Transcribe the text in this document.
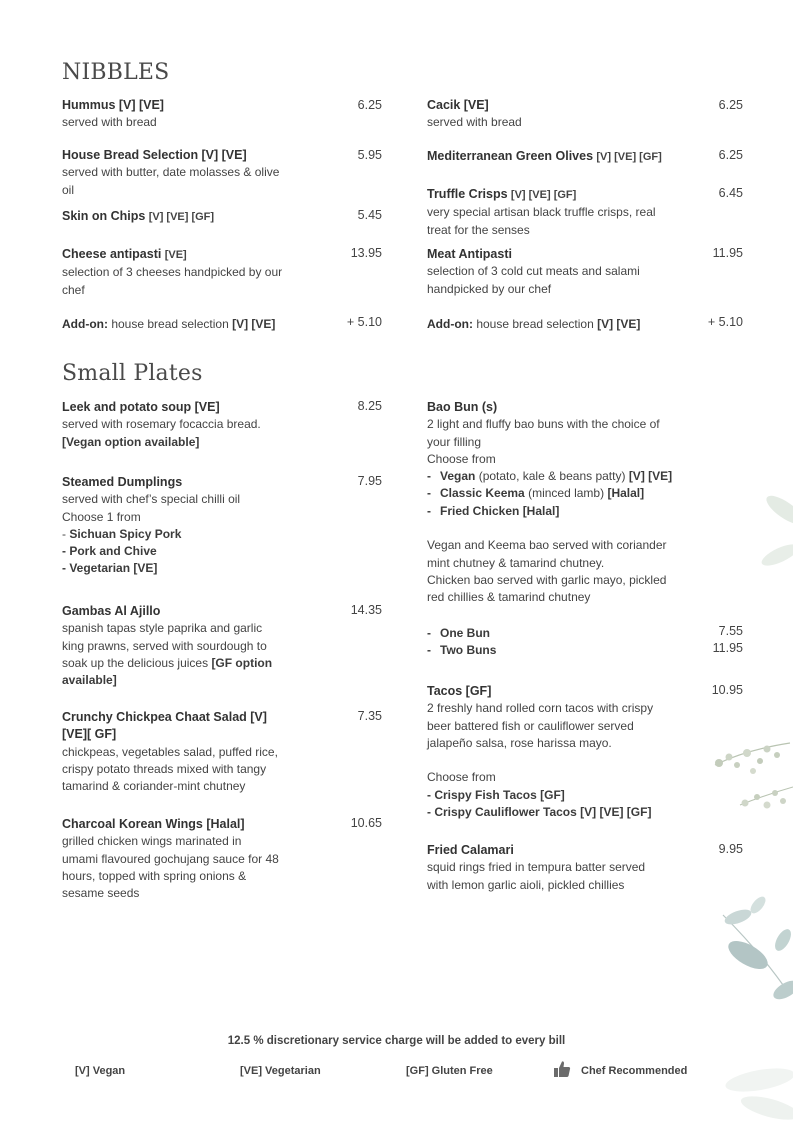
NIBBLES
Small Plates
Hummus [V] [VE]
served with bread
6.25
House Bread Selection [V] [VE]
served with butter, date molasses & olive
oil
5.95
Skin on Chips [V] [VE] [GF]	5.45
Cheese antipasti [VE]
selection of 3 cheeses handpicked by our
chef
13.95
Add-on: house bread selection [V] [VE]	+ 5.10
Cacik [VE]
served with bread
6.25
Mediterranean Green Olives [V] [VE] [GF]	6.25
Truffle Crisps [V] [VE] [GF]
very special artisan black truffle crisps, real
treat for the senses
6.45
Meat Antipasti
selection of 3 cold cut meats and salami
handpicked by our chef
11.95
Add-on: house bread selection [V] [VE]	+ 5.10
Leek and potato soup [VE]
served with rosemary focaccia bread.
[Vegan option available]
8.25
Steamed Dumplings
served with chef’s special chilli oil
Choose 1 from
- Sichuan Spicy Pork
- Pork and Chive
- Vegetarian [VE]
7.95
Gambas Al Ajillo
spanish tapas style paprika and garlic
king prawns, served with sourdough to
soak up the delicious juices [GF option
available]
14.35
Crunchy Chickpea Chaat Salad [V]
[VE][ GF]
chickpeas, vegetables salad, puffed rice,
crispy potato threads mixed with tangy
tamarind & coriander-mint chutney
7.35
Charcoal Korean Wings [Halal]
grilled chicken wings marinated in
umami flavoured gochujang sauce for 48
hours, topped with spring onions &
sesame seeds
10.65
Bao Bun (s)
2 light and fluffy bao buns with the choice of
your filling
Choose from
- Vegan (potato, kale & beans patty) [V] [VE]
- Classic Keema (minced lamb) [Halal]
- Fried Chicken [Halal]

Vegan and Keema bao served with coriander
mint chutney & tamarind chutney.
Chicken bao served with garlic mayo, pickled
red chillies & tamarind chutney
- One Bun	7.55
- Two Buns	11.95
Tacos [GF]
2 freshly hand rolled corn tacos with crispy
beer battered fish or cauliflower served
jalapeño salsa, rose harissa mayo.

Choose from
- Crispy Fish Tacos [GF]
- Crispy Cauliflower Tacos [V] [VE] [GF]
10.95
Fried Calamari
squid rings fried in tempura batter served
with lemon garlic aioli, pickled chillies
9.95
12.5 % discretionary service charge will be added to every bill
[V] Vegan	[VE] Vegetarian	[GF] Gluten Free	Chef Recommended
